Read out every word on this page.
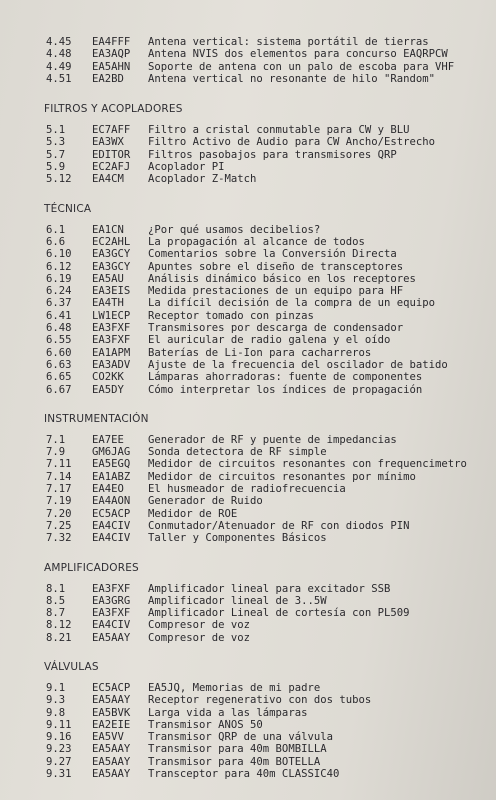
4.45	EA4FFF	Antena vertical: sistema portátil de tierras
4.48	EA3AQP	Antena NVIS dos elementos para concurso EAQRPCW
4.49	EA5AHN	Soporte de antena con un palo de escoba para VHF
4.51	EA2BD	Antena vertical no resonante de hilo "Random"
FILTROS Y ACOPLADORES
5.1	EC7AFF	Filtro a cristal conmutable para CW y BLU
5.3	EA3WX	Filtro Activo de Audio para CW Ancho/Estrecho
5.7	EDITOR	Filtros pasobajos para transmisores QRP
5.9	EC2AFJ	Acoplador PI
5.12	EA4CM	Acoplador Z-Match
TÉCNICA
6.1	EA1CN	¿Por qué usamos decibelios?
6.6	EC2AHL	La propagación al alcance de todos
6.10	EA3GCY	Comentarios sobre la Conversión Directa
6.12	EA3GCY	Apuntes sobre el diseño de transceptores
6.19	EA5AU	Análisis dinámico básico en los receptores
6.24	EA3EIS	Medida prestaciones de un equipo para HF
6.37	EA4TH	La difícil decisión de la compra de un equipo
6.41	LW1ECP	Receptor tomado con pinzas
6.48	EA3FXF	Transmisores por descarga de condensador
6.55	EA3FXF	El auricular de radio galena y el oído
6.60	EA1APM	Baterías de Li-Ion para cacharreros
6.63	EA3ADV	Ajuste de la frecuencia del oscilador de batido
6.65	CO2KK	Lámparas ahorradoras: fuente de componentes
6.67	EA5DY	Cómo interpretar los índices de propagación
INSTRUMENTACIÓN
7.1	EA7EE	Generador de RF y puente de impedancias
7.9	GM6JAG	Sonda detectora de RF simple
7.11	EA5EGQ	Medidor de circuitos resonantes con frequencimetro
7.14	EA1ABZ	Medidor de circuitos resonantes por mínimo
7.17	EA4EO	El husmeador de radiofrecuencia
7.19	EA4AON	Generador de Ruido
7.20	EC5ACP	Medidor de ROE
7.25	EA4CIV	Conmutador/Atenuador de RF con diodos PIN
7.32	EA4CIV	Taller y Componentes Básicos
AMPLIFICADORES
8.1	EA3FXF	Amplificador lineal para excitador SSB
8.5	EA3GRG	Amplificador lineal de 3..5W
8.7	EA3FXF	Amplificador Lineal de cortesía con PL509
8.12	EA4CIV	Compresor de voz
8.21	EA5AAY	Compresor de voz
VÁLVULAS
9.1	EC5ACP	EA5JQ, Memorias de mi padre
9.3	EA5AAY	Receptor regenerativo con dos tubos
9.8	EA5BVK	Larga vida a las lámparas
9.11	EA2EIE	Transmisor AÑOS 50
9.16	EA5VV	Transmisor QRP de una válvula
9.23	EA5AAY	Transmisor para 40m BOMBILLA
9.27	EA5AAY	Transmisor para 40m BOTELLA
9.31	EA5AAY	Transceptor para 40m CLASSIC40
